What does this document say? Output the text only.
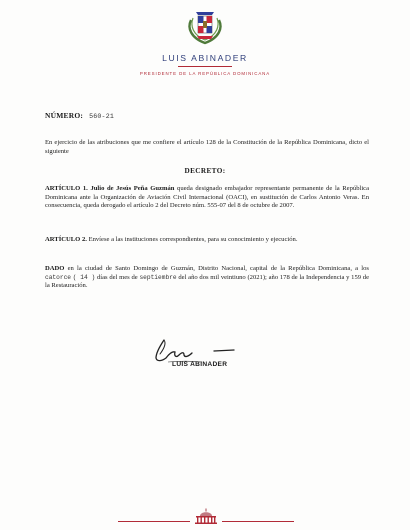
LUIS ABINADER
PRESIDENTE DE LA REPÚBLICA DOMINICANA
NÚMERO: 560-21
En ejercicio de las atribuciones que me confiere el artículo 128 de la Constitución de la República Dominicana, dicto el siguiente
DECRETO:
ARTÍCULO 1. Julio de Jesús Peña Guzmán queda designado embajador representante permanente de la República Dominicana ante la Organización de Aviación Civil Internacional (OACI), en sustitución de Carlos Antonio Veras. En consecuencia, queda derogado el artículo 2 del Decreto núm. 555-07 del 8 de octubre de 2007.
ARTÍCULO 2. Envíese a las instituciones correspondientes, para su conocimiento y ejecución.
DADO en la ciudad de Santo Domingo de Guzmán, Distrito Nacional, capital de la República Dominicana, a los catorce ( 14 ) días del mes de septiembre del año dos mil veintiuno (2021); año 178 de la Independencia y 159 de la Restauración.
LUIS ABINADER
